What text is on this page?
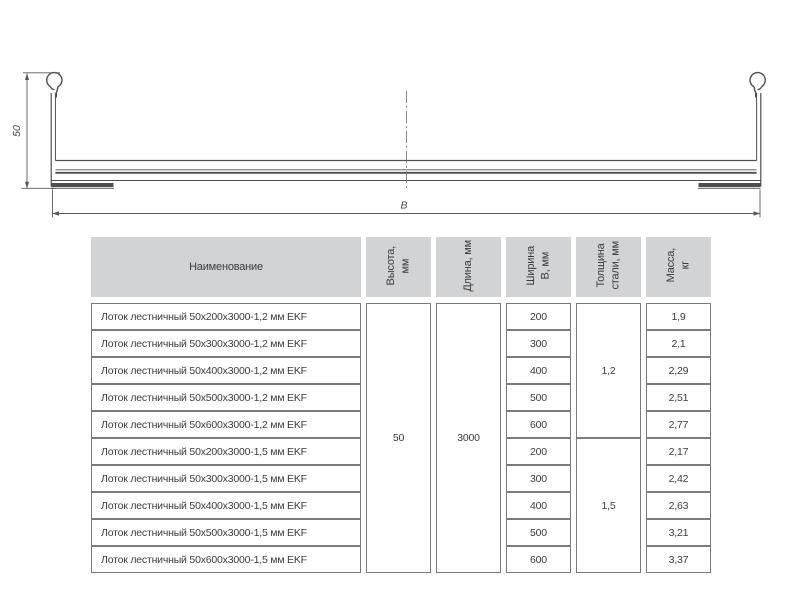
50
В
Наименование	Высота, мм	Длина, мм	Ширина В, мм	Толщина стали, мм	Масса, кг

Лоток лестничный 50х200х3000-1,2 мм EKF	50	3000	200	1,2	1,9
Лоток лестничный 50х300х3000-1,2 мм EKF			300		2,1
Лоток лестничный 50х400х3000-1,2 мм EKF			400		2,29
Лоток лестничный 50х500х3000-1,2 мм EKF			500		2,51
Лоток лестничный 50х600х3000-1,2 мм EKF			600		2,77
Лоток лестничный 50х200х3000-1,5 мм EKF			200	1,5	2,17
Лоток лестничный 50х300х3000-1,5 мм EKF			300		2,42
Лоток лестничный 50х400х3000-1,5 мм EKF			400		2,63
Лоток лестничный 50х500х3000-1,5 мм EKF			500		3,21
Лоток лестничный 50х600х3000-1,5 мм EKF			600		3,37
